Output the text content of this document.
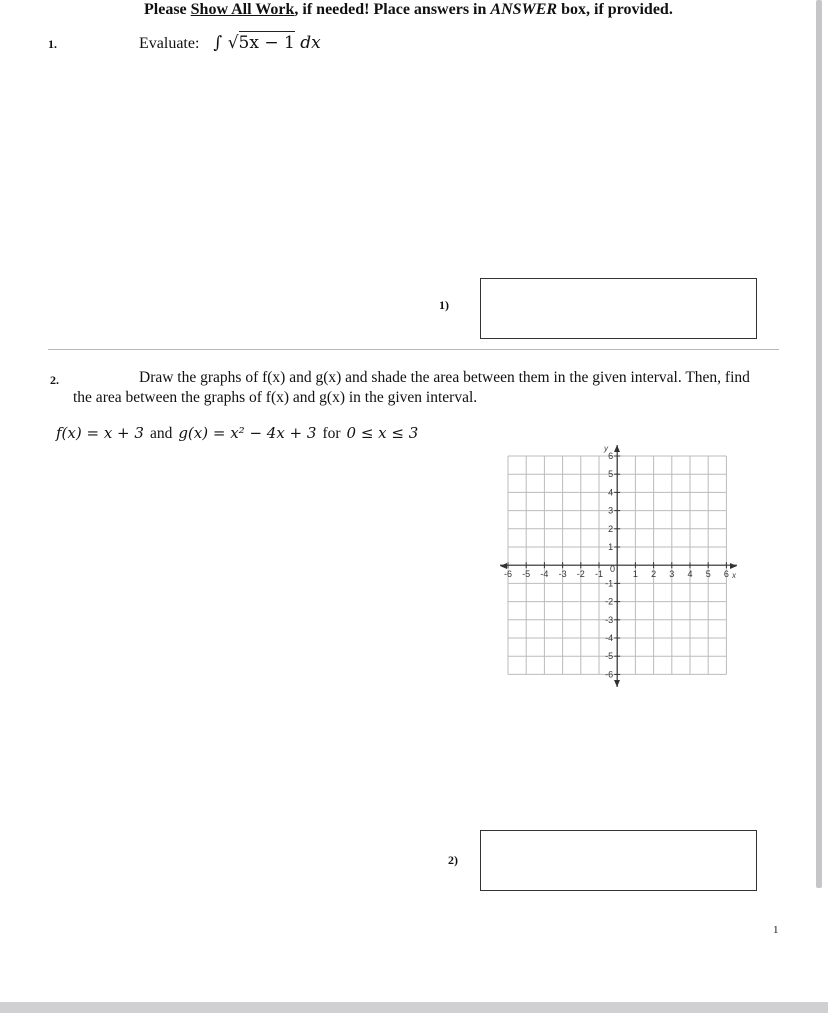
Please Show All Work, if needed! Place answers in ANSWER box, if provided.
1.	Evaluate: ∫ √5x − 1 dx
1)
2.	Draw the graphs of f(x) and g(x) and shade the area between them in the given interval. Then, find
the area between the graphs of f(x) and g(x) in the given interval.
f(x) = x + 3 and g(x) = x² − 4x + 3 for 0 ≤ x ≤ 3
-6 -5 -4 -3 -2 -1	1 2 3 4 5 6
6
5
4
3
2
1
-1
-2
-3
-4
-5
-6
y
x
0
2)
1
